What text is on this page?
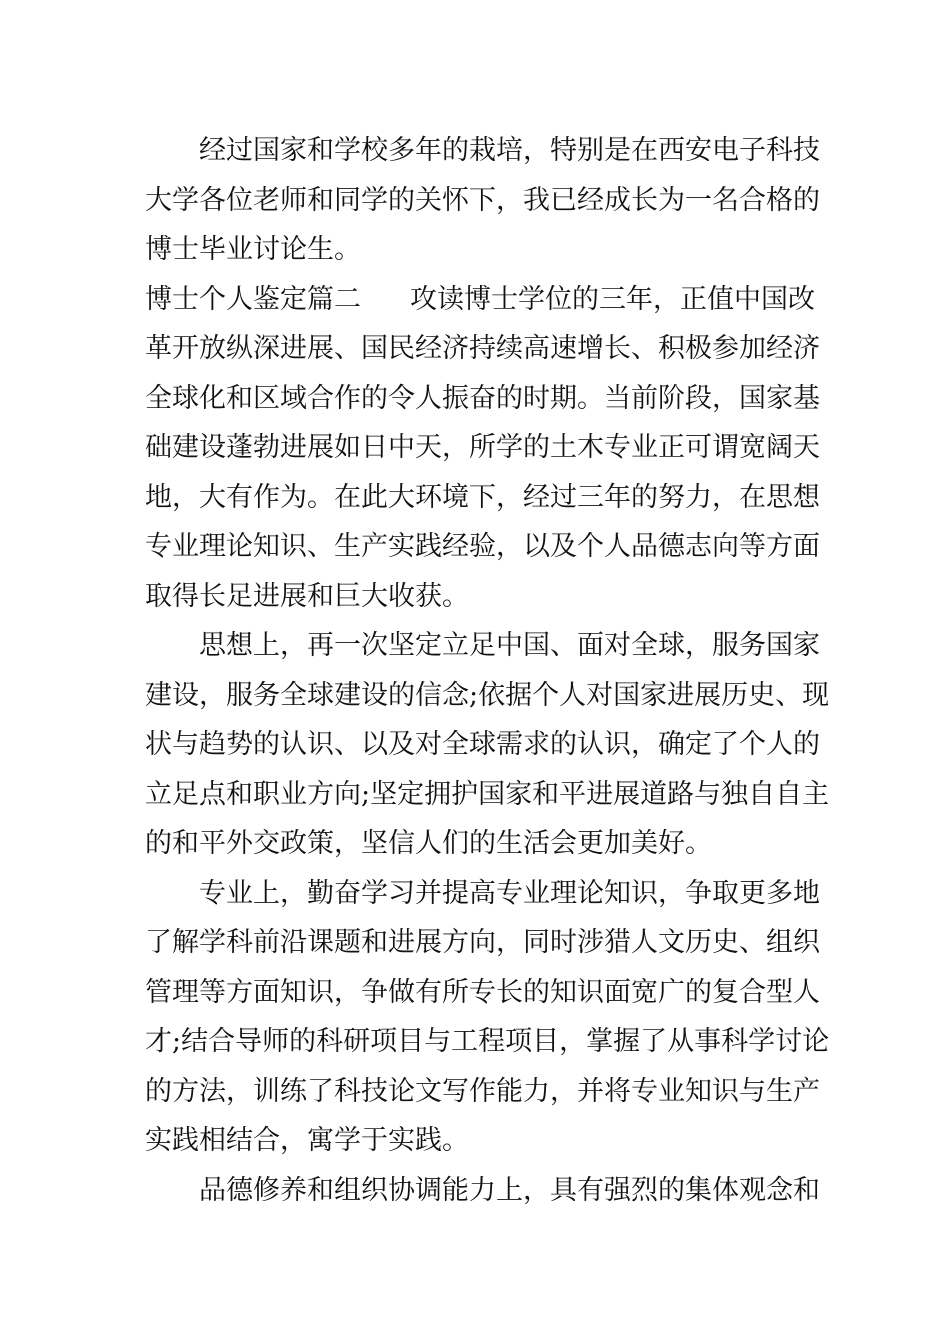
经过国家和学校多年的栽培，特别是在西安电子科技
大学各位老师和同学的关怀下，我已经成长为一名合格的
博士毕业讨论生。
博士个人鉴定篇二 攻读博士学位的三年，正值中国改
革开放纵深进展、国民经济持续高速增长、积极参加经济
全球化和区域合作的令人振奋的时期。当前阶段，国家基
础建设蓬勃进展如日中天，所学的土木专业正可谓宽阔天
地，大有作为。在此大环境下，经过三年的努力，在思想
专业理论知识、生产实践经验，以及个人品德志向等方面
取得长足进展和巨大收获。
思想上，再一次坚定立足中国、面对全球，服务国家
建设，服务全球建设的信念;依据个人对国家进展历史、现
状与趋势的认识、以及对全球需求的认识，确定了个人的
立足点和职业方向;坚定拥护国家和平进展道路与独自自主
的和平外交政策，坚信人们的生活会更加美好。
专业上，勤奋学习并提高专业理论知识，争取更多地
了解学科前沿课题和进展方向，同时涉猎人文历史、组织
管理等方面知识，争做有所专长的知识面宽广的复合型人
才;结合导师的科研项目与工程项目，掌握了从事科学讨论
的方法，训练了科技论文写作能力，并将专业知识与生产
实践相结合，寓学于实践。
品德修养和组织协调能力上，具有强烈的集体观念和
